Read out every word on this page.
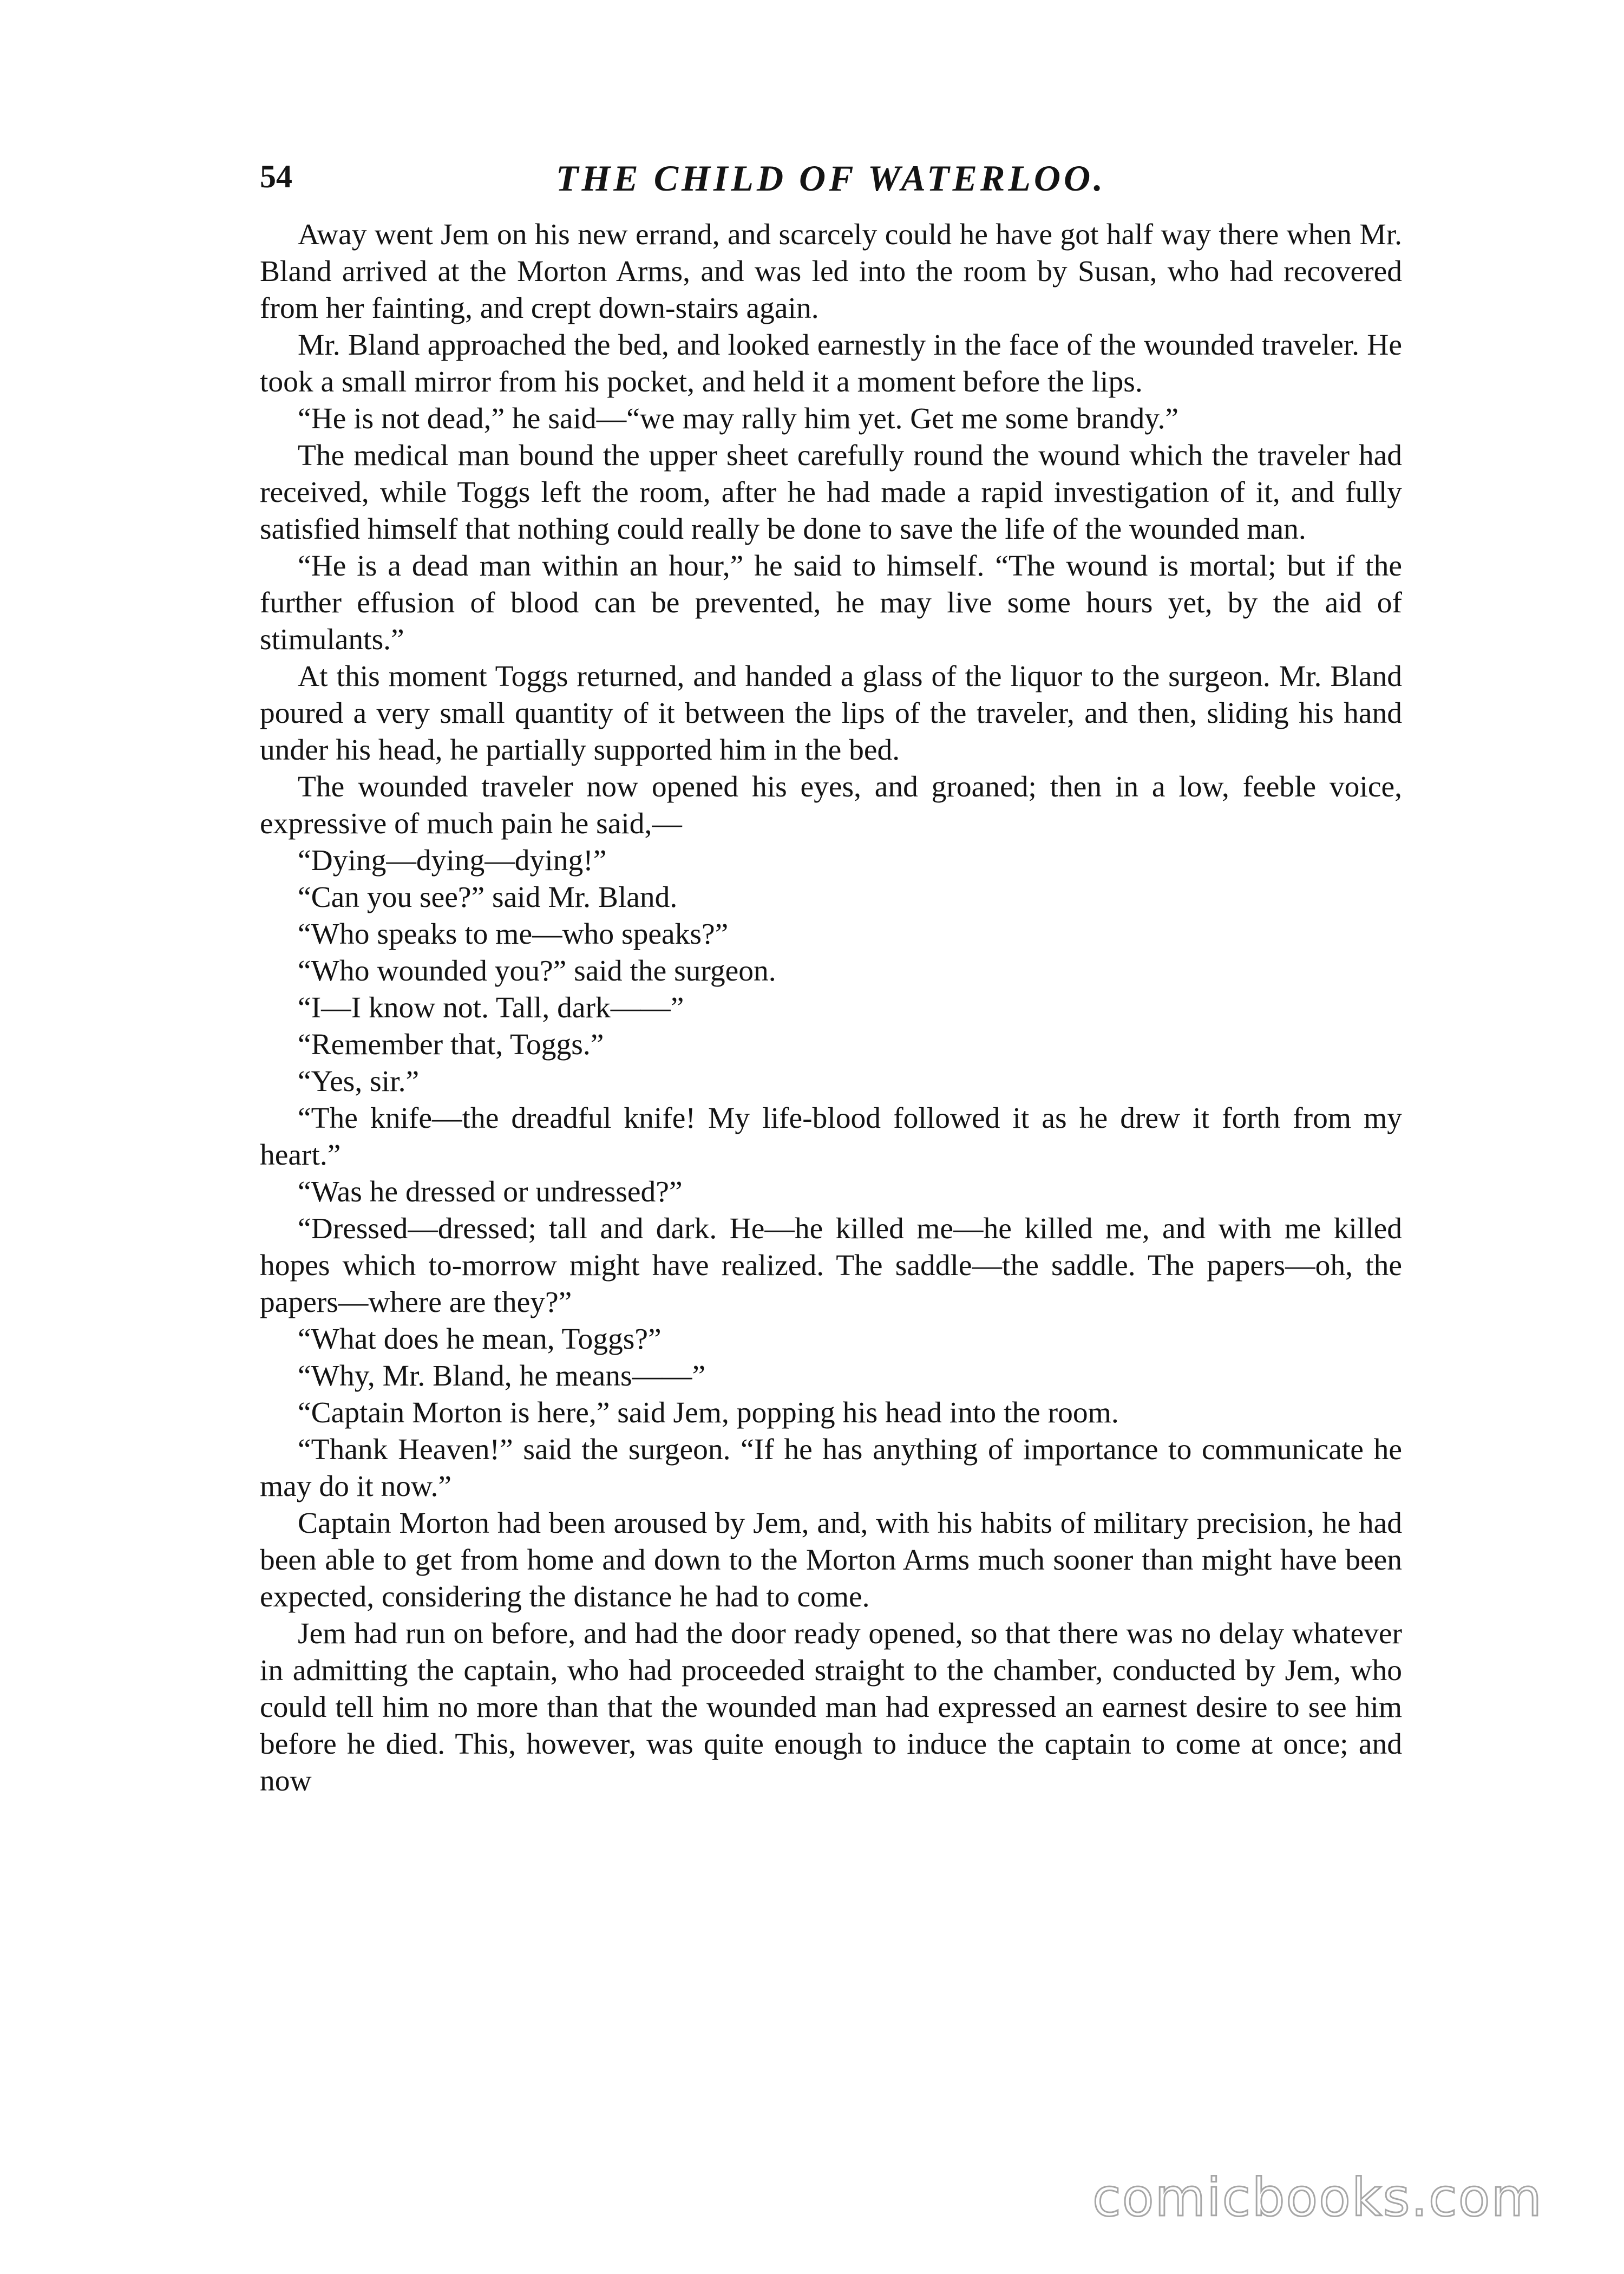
54	THE CHILD OF WATERLOO.

Away went Jem on his new errand, and scarcely could he have got half way there when Mr. Bland arrived at the Morton Arms, and was led into the room by Susan, who had recovered from her fainting, and crept down-stairs again.

Mr. Bland approached the bed, and looked earnestly in the face of the wounded traveler. He took a small mirror from his pocket, and held it a moment before the lips.

“He is not dead,” he said—“we may rally him yet. Get me some brandy.”

The medical man bound the upper sheet carefully round the wound which the traveler had received, while Toggs left the room, after he had made a rapid investigation of it, and fully satisfied himself that nothing could really be done to save the life of the wounded man.

“He is a dead man within an hour,” he said to himself. “The wound is mortal; but if the further effusion of blood can be prevented, he may live some hours yet, by the aid of stimulants.”

At this moment Toggs returned, and handed a glass of the liquor to the surgeon. Mr. Bland poured a very small quantity of it between the lips of the traveler, and then, sliding his hand under his head, he partially supported him in the bed.

The wounded traveler now opened his eyes, and groaned; then in a low, feeble voice, expressive of much pain he said,—

“Dying—dying—dying!”

“Can you see?” said Mr. Bland.

“Who speaks to me—who speaks?”

“Who wounded you?” said the surgeon.

“I—I know not. Tall, dark——”

“Remember that, Toggs.”

“Yes, sir.”

“The knife—the dreadful knife! My life-blood followed it as he drew it forth from my heart.”

“Was he dressed or undressed?”

“Dressed—dressed; tall and dark. He—he killed me—he killed me, and with me killed hopes which to-morrow might have realized. The saddle—the saddle. The papers—oh, the papers—where are they?”

“What does he mean, Toggs?”

“Why, Mr. Bland, he means——”

“Captain Morton is here,” said Jem, popping his head into the room.

“Thank Heaven!” said the surgeon. “If he has anything of importance to communicate he may do it now.”

Captain Morton had been aroused by Jem, and, with his habits of military precision, he had been able to get from home and down to the Morton Arms much sooner than might have been expected, considering the distance he had to come.

Jem had run on before, and had the door ready opened, so that there was no delay whatever in admitting the captain, who had proceeded straight to the chamber, conducted by Jem, who could tell him no more than that the wounded man had expressed an earnest desire to see him before he died. This, however, was quite enough to induce the captain to come at once; and now

comicbooks.com
